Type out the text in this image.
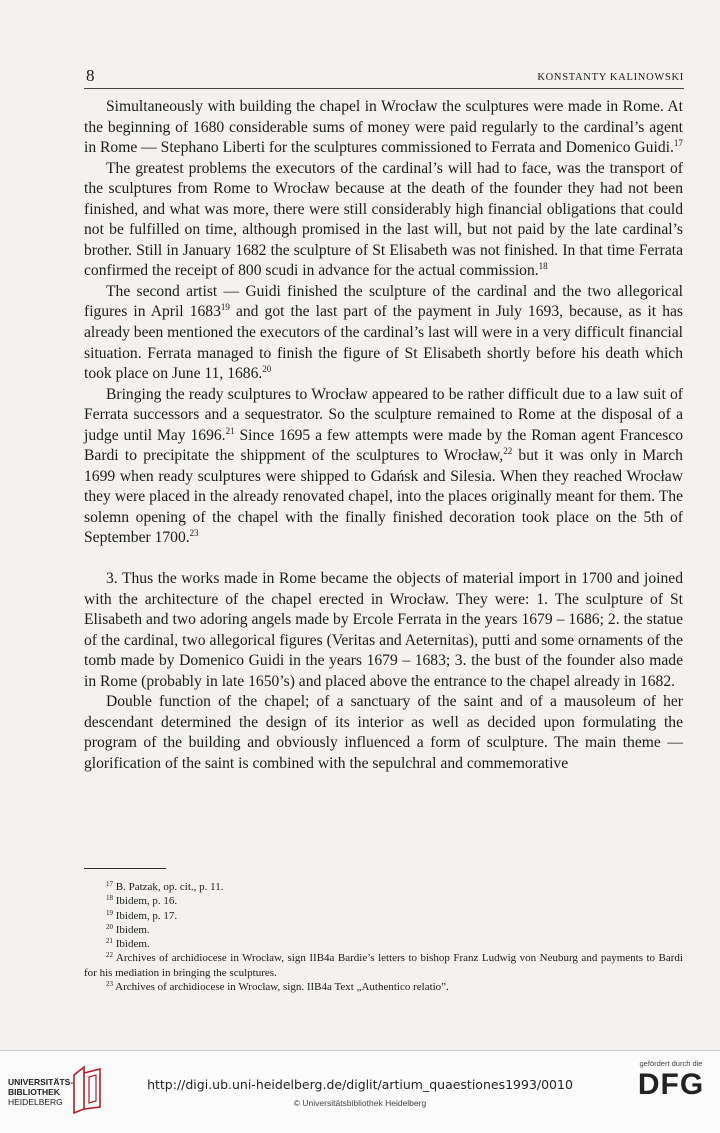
8	KONSTANTY KALINOWSKI

Simultaneously with building the chapel in Wrocław the sculptures were made in Rome. At the beginning of 1680 considerable sums of money were paid regularly to the cardinal’s agent in Rome — Stephano Liberti for the sculptures commissioned to Ferrata and Domenico Guidi.$^{17}$

The greatest problems the executors of the cardinal’s will had to face, was the transport of the sculptures from Rome to Wrocław because at the death of the founder they had not been finished, and what was more, there were still considerably high financial obligations that could not be fulfilled on time, although promised in the last will, but not paid by the late cardinal’s brother. Still in January 1682 the sculpture of St Elisabeth was not finished. In that time Ferrata confirmed the receipt of 800 scudi in advance for the actual commission.$^{18}$

The second artist — Guidi finished the sculpture of the cardinal and the two allegorical figures in April 1683$^{19}$ and got the last part of the payment in July 1693, because, as it has already been mentioned the executors of the cardinal’s last will were in a very difficult financial situation. Ferrata managed to finish the figure of St Elisabeth shortly before his death which took place on June 11, 1686.20

Bringing the ready sculptures to Wrocław appeared to be rather difficult due to a law suit of Ferrata successors and a sequestrator. So the sculpture remained to Rome at the disposal of a judge until May 1696.21 Since 1695 a few attempts were made by the Roman agent Francesco Bardi to precipitate the shippment of the sculptures to Wrocław,$^{22}$ but it was only in March 1699 when ready sculptures were shipped to Gdańsk and Silesia. When they reached Wrocław they were placed in the already renovated chapel, into the places originally meant for them. The solemn opening of the chapel with the finally finished decoration took place on the 5th of September 1700.23

3. Thus the works made in Rome became the objects of material import in 1700 and joined with the architecture of the chapel erected in Wrocław. They were: 1. The sculpture of St Elisabeth and two adoring angels made by Ercole Ferrata in the years 1679 – 1686; 2. the statue of the cardinal, two allegorical figures (Veritas and Aeternitas), putti and some ornaments of the tomb made by Domenico Guidi in the years 1679 – 1683; 3. the bust of the founder also made in Rome (probably in late 1650’s) and placed above the entrance to the chapel already in 1682.

Double function of the chapel; of a sanctuary of the saint and of a mausoleum of her descendant determined the design of its interior as well as decided upon formulating the program of the building and obviously influenced a form of sculpture. The main theme — glorification of the saint is combined with the sepulchral and commemorative

$^{17}$ B. Patzak, op. cit., p. 11.

$^{18}$ Ibidem, p. 16.

$^{19}$ Ibidem, p. 17.

$^{20}$ Ibidem.

$^{21}$ Ibidem.

$^{22}$ Archives of archidiocese in Wrocław, sign IIB4a Bardie’s letters to bishop Franz Ludwig von Neuburg and payments to Bardi for his mediation in bringing the sculptures.

$^{23}$ Archives of archidiocese in Wrocław, sign. IIB4a Text „Authentico relatio”.

UNIVERSITÄTS-
BIBLIOTHEK
HEIDELBERG
http://digi.ub.uni-heidelberg.de/diglit/artium_quaestiones1993/0010
© Universitätsbibliothek Heidelberg
gefördert durch die
DFG
